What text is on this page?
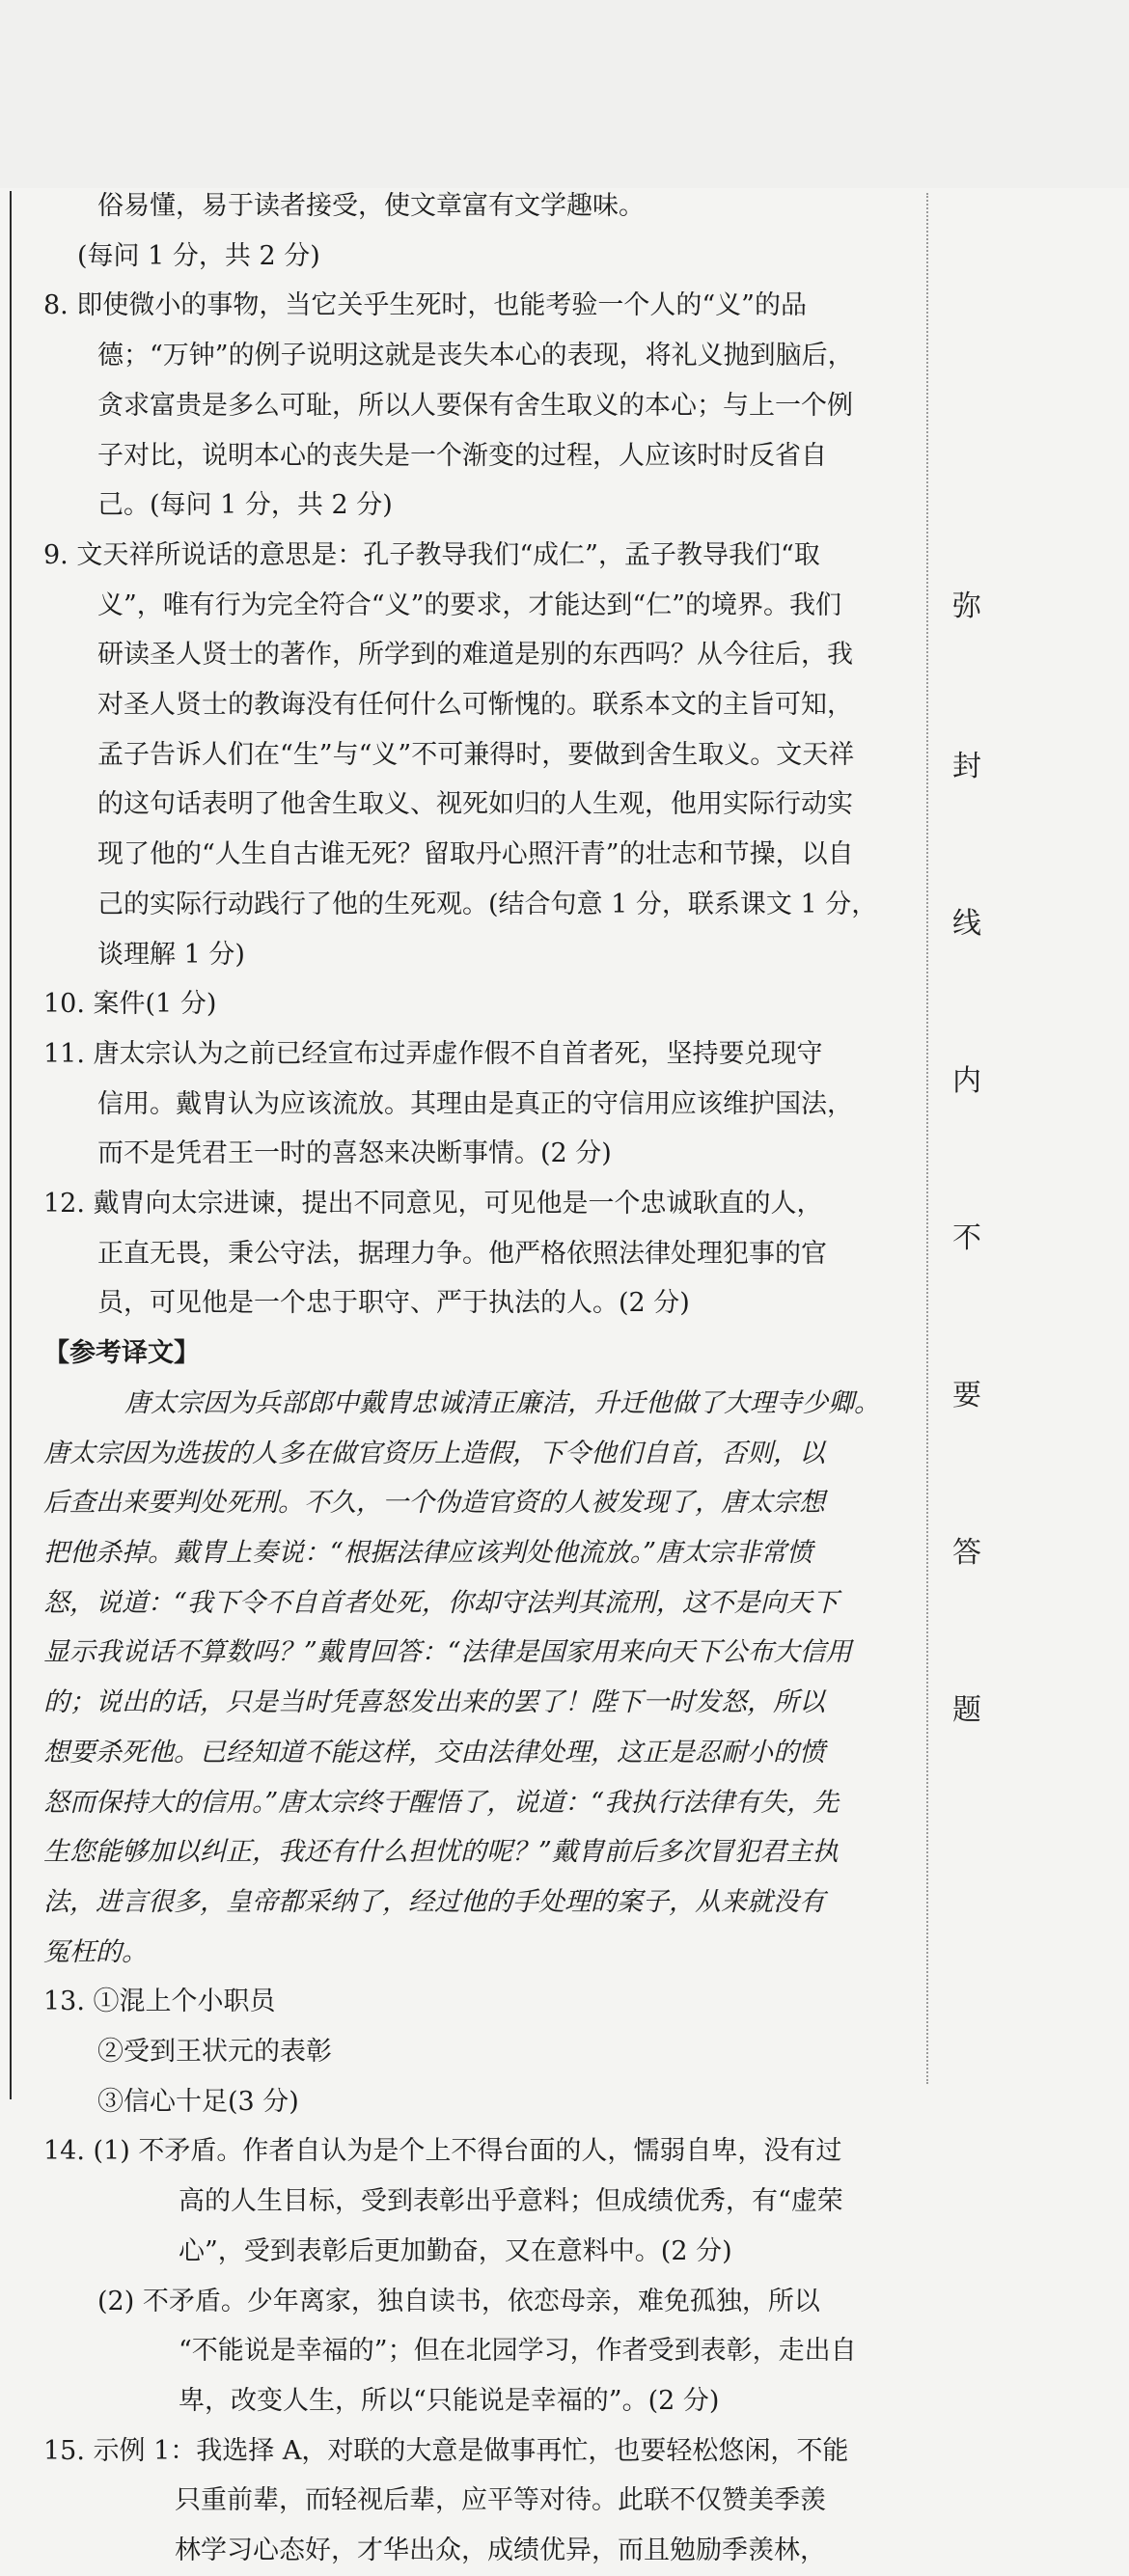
弥
封
线
内
不
要
答
题

俗易懂，易于读者接受，使文章富有文学趣味。

(每问 1 分，共 2 分)

8. 即使微小的事物，当它关乎生死时，也能考验一个人的“义”的品

德；“万钟”的例子说明这就是丧失本心的表现，将礼义抛到脑后，

贪求富贵是多么可耻，所以人要保有舍生取义的本心；与上一个例

子对比，说明本心的丧失是一个渐变的过程，人应该时时反省自

己。(每问 1 分，共 2 分)

9. 文天祥所说话的意思是：孔子教导我们“成仁”，孟子教导我们“取

义”，唯有行为完全符合“义”的要求，才能达到“仁”的境界。我们

研读圣人贤士的著作，所学到的难道是别的东西吗？从今往后，我

对圣人贤士的教诲没有任何什么可惭愧的。联系本文的主旨可知，

孟子告诉人们在“生”与“义”不可兼得时，要做到舍生取义。文天祥

的这句话表明了他舍生取义、视死如归的人生观，他用实际行动实

现了他的“人生自古谁无死？留取丹心照汗青”的壮志和节操，以自

己的实际行动践行了他的生死观。(结合句意 1 分，联系课文 1 分，

谈理解 1 分)

10. 案件(1 分)

11. 唐太宗认为之前已经宣布过弄虚作假不自首者死，坚持要兑现守

信用。戴胄认为应该流放。其理由是真正的守信用应该维护国法，

而不是凭君王一时的喜怒来决断事情。(2 分)

12. 戴胄向太宗进谏，提出不同意见，可见他是一个忠诚耿直的人，

正直无畏，秉公守法，据理力争。他严格依照法律处理犯事的官

员，可见他是一个忠于职守、严于执法的人。(2 分)

【参考译文】

唐太宗因为兵部郎中戴胄忠诚清正廉洁，升迁他做了大理寺少卿。

唐太宗因为选拔的人多在做官资历上造假，下令他们自首，否则，以

后查出来要判处死刑。不久，一个伪造官资的人被发现了，唐太宗想

把他杀掉。戴胄上奏说：“根据法律应该判处他流放。”唐太宗非常愤

怒，说道：“我下令不自首者处死，你却守法判其流刑，这不是向天下

显示我说话不算数吗？”戴胄回答：“法律是国家用来向天下公布大信用

的；说出的话，只是当时凭喜怒发出来的罢了！陛下一时发怒，所以

想要杀死他。已经知道不能这样，交由法律处理，这正是忍耐小的愤

怒而保持大的信用。”唐太宗终于醒悟了，说道：“我执行法律有失，先

生您能够加以纠正，我还有什么担忧的呢？”戴胄前后多次冒犯君主执

法，进言很多，皇帝都采纳了，经过他的手处理的案子，从来就没有

冤枉的。

13. ①混上个小职员

②受到王状元的表彰

③信心十足(3 分)

14. (1) 不矛盾。作者自认为是个上不得台面的人，懦弱自卑，没有过

高的人生目标，受到表彰出乎意料；但成绩优秀，有“虚荣

心”，受到表彰后更加勤奋，又在意料中。(2 分)

(2) 不矛盾。少年离家，独自读书，依恋母亲，难免孤独，所以

“不能说是幸福的”；但在北园学习，作者受到表彰，走出自

卑，改变人生，所以“只能说是幸福的”。(2 分)

15. 示例 1：我选择 A，对联的大意是做事再忙，也要轻松悠闲，不能

只重前辈，而轻视后辈，应平等对待。此联不仅赞美季羡

林学习心态好，才华出众，成绩优异，而且勉励季羡林，
